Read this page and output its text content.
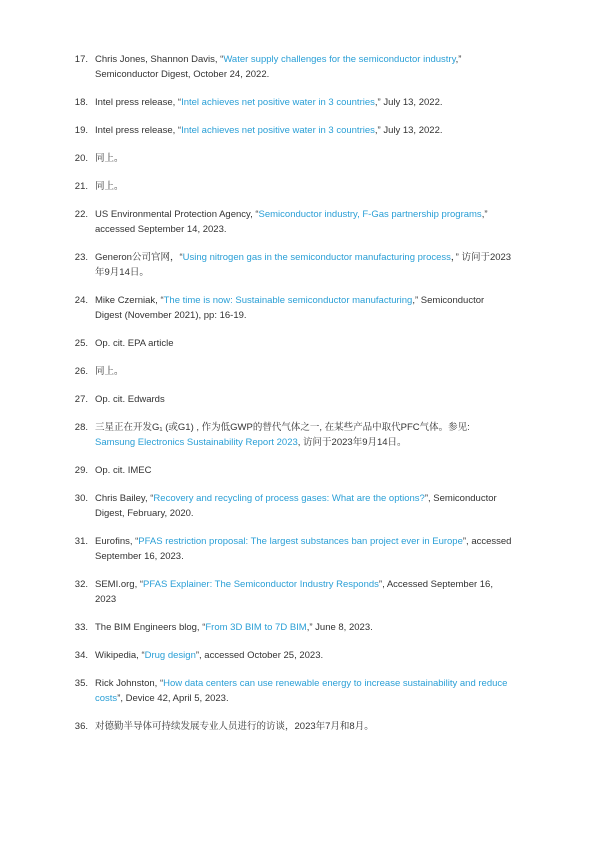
17. Chris Jones, Shannon Davis, “Water supply challenges for the semiconductor industry,” Semiconductor Digest, October 24, 2022.
18. Intel press release, “Intel achieves net positive water in 3 countries,” July 13, 2022.
19. Intel press release, “Intel achieves net positive water in 3 countries,” July 13, 2022.
20. 同上。
21. 同上。
22. US Environmental Protection Agency, “Semiconductor industry, F-Gas partnership programs,” accessed September 14, 2023.
23. Generon公司官网，“Using nitrogen gas in the semiconductor manufacturing process，” 访问于2023年9月14日。
24. Mike Czerniak, “The time is now: Sustainable semiconductor manufacturing,” Semiconductor Digest (November 2021), pp: 16-19.
25. Op. cit. EPA article
26. 同上。
27. Op. cit. Edwards
28. 三星正在开发G₁ (或G1) , 作为低GWP的替代气体之一, 在某些产品中取代PFC气体。参见: Samsung Electronics Sustainability Report 2023, 访问于2023年9月14日。
29. Op. cit. IMEC
30. Chris Bailey, “Recovery and recycling of process gases: What are the options?”, Semiconductor Digest, February, 2020.
31. Eurofins, “PFAS restriction proposal: The largest substances ban project ever in Europe”, accessed September 16, 2023.
32. SEMI.org, “PFAS Explainer: The Semiconductor Industry Responds”, Accessed September 16, 2023
33. The BIM Engineers blog, “From 3D BIM to 7D BIM,” June 8, 2023.
34. Wikipedia, “Drug design”, accessed October 25, 2023.
35. Rick Johnston, “How data centers can use renewable energy to increase sustainability and reduce costs”, Device 42, April 5, 2023.
36. 对德勤半导体可持续发展专业人员进行的访谈，2023年7月和8月。
